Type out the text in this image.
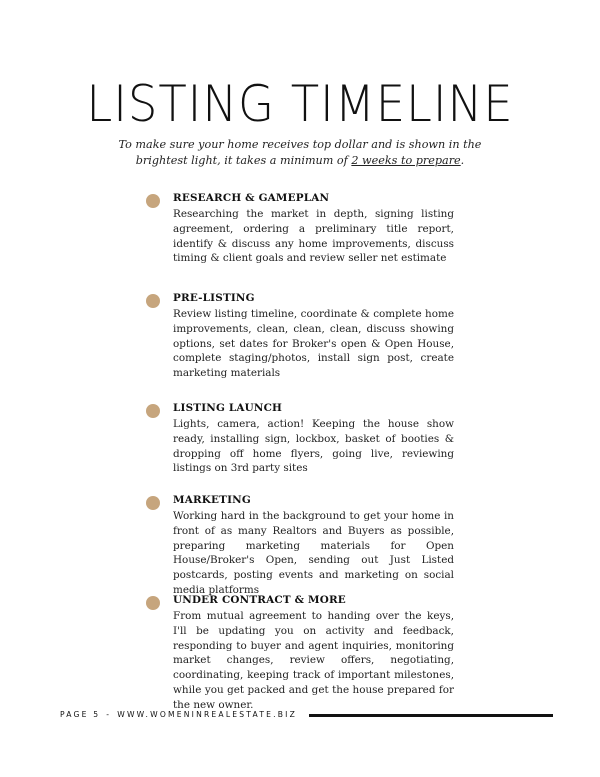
LISTING TIMELINE
To make sure your home receives top dollar and is shown in the brightest light, it takes a minimum of 2 weeks to prepare.
RESEARCH & GAMEPLAN
Researching the market in depth, signing listing agreement, ordering a preliminary title report, identify & discuss any home improvements, discuss timing & client goals and review seller net estimate
PRE-LISTING
Review listing timeline, coordinate & complete home improvements, clean, clean, clean, discuss showing options, set dates for Broker's open & Open House, complete staging/photos, install sign post, create marketing materials
LISTING LAUNCH
Lights, camera, action! Keeping the house show ready, installing sign, lockbox, basket of booties & dropping off home flyers, going live, reviewing listings on 3rd party sites
MARKETING
Working hard in the background to get your home in front of as many Realtors and Buyers as possible, preparing marketing materials for Open House/Broker's Open, sending out Just Listed postcards, posting events and marketing on social media platforms
UNDER CONTRACT & MORE
From mutual agreement to handing over the keys, I'll be updating you on activity and feedback, responding to buyer and agent inquiries, monitoring market changes, review offers, negotiating, coordinating, keeping track of important milestones, while you get packed and get the house prepared for the new owner.
PAGE 5 - WWW.WOMENINREALESTATE.BIZ
